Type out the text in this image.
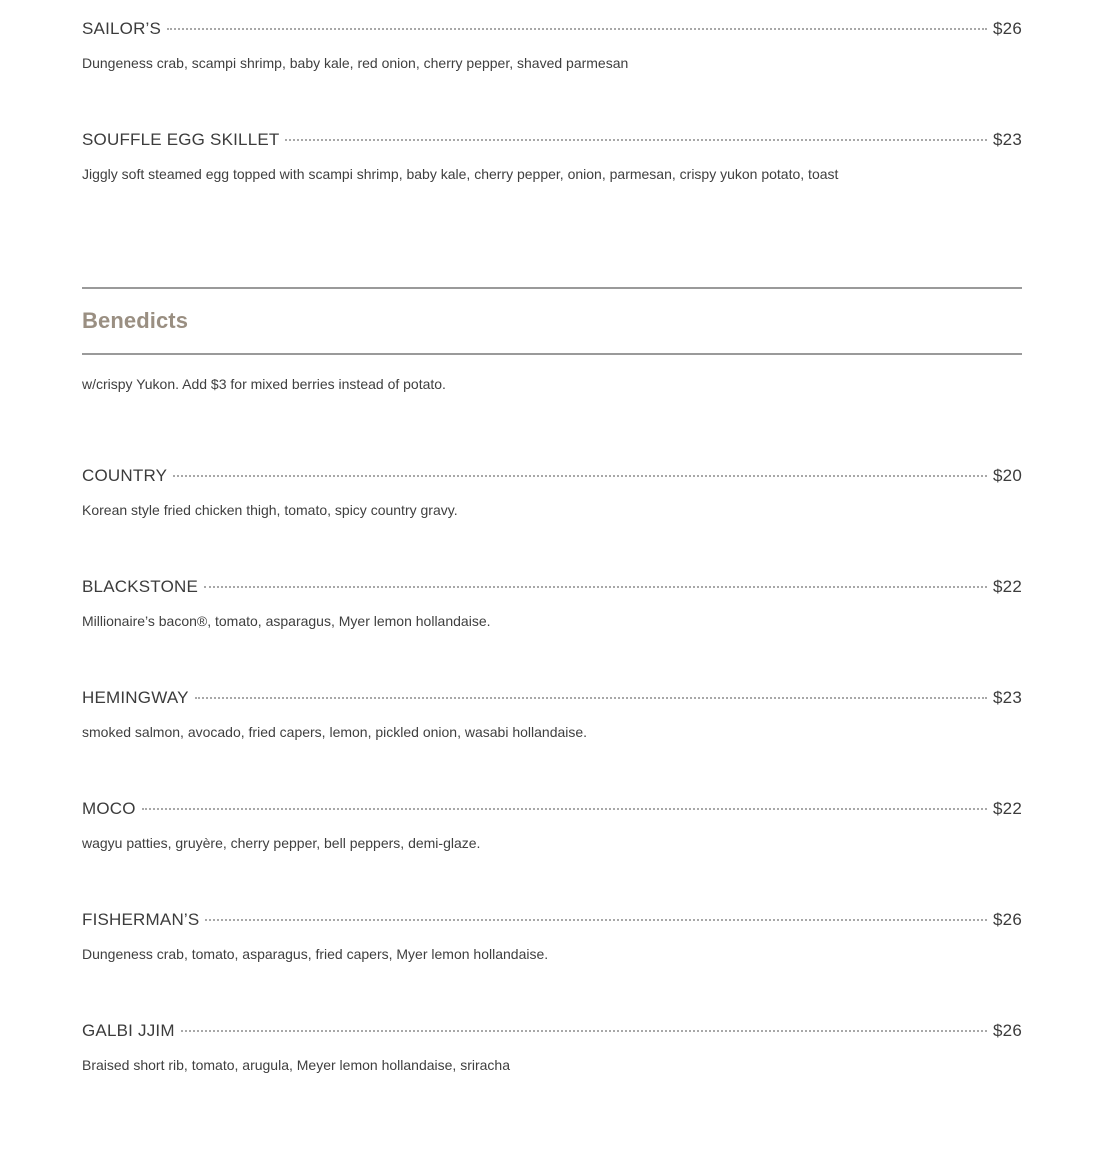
SAILOR’S	$26
Dungeness crab, scampi shrimp, baby kale, red onion, cherry pepper, shaved parmesan
SOUFFLE EGG SKILLET	$23
Jiggly soft steamed egg topped with scampi shrimp, baby kale, cherry pepper, onion, parmesan, crispy yukon potato, toast
Benedicts
w/crispy Yukon. Add $3 for mixed berries instead of potato.
COUNTRY	$20
Korean style fried chicken thigh, tomato, spicy country gravy.
BLACKSTONE	$22
Millionaire’s bacon®, tomato, asparagus, Myer lemon hollandaise.
HEMINGWAY	$23
smoked salmon, avocado, fried capers, lemon, pickled onion, wasabi hollandaise.
MOCO	$22
wagyu patties, gruyère, cherry pepper, bell peppers, demi-glaze.
FISHERMAN’S	$26
Dungeness crab, tomato, asparagus, fried capers, Myer lemon hollandaise.
GALBI JJIM	$26
Braised short rib, tomato, arugula, Meyer lemon hollandaise, sriracha
